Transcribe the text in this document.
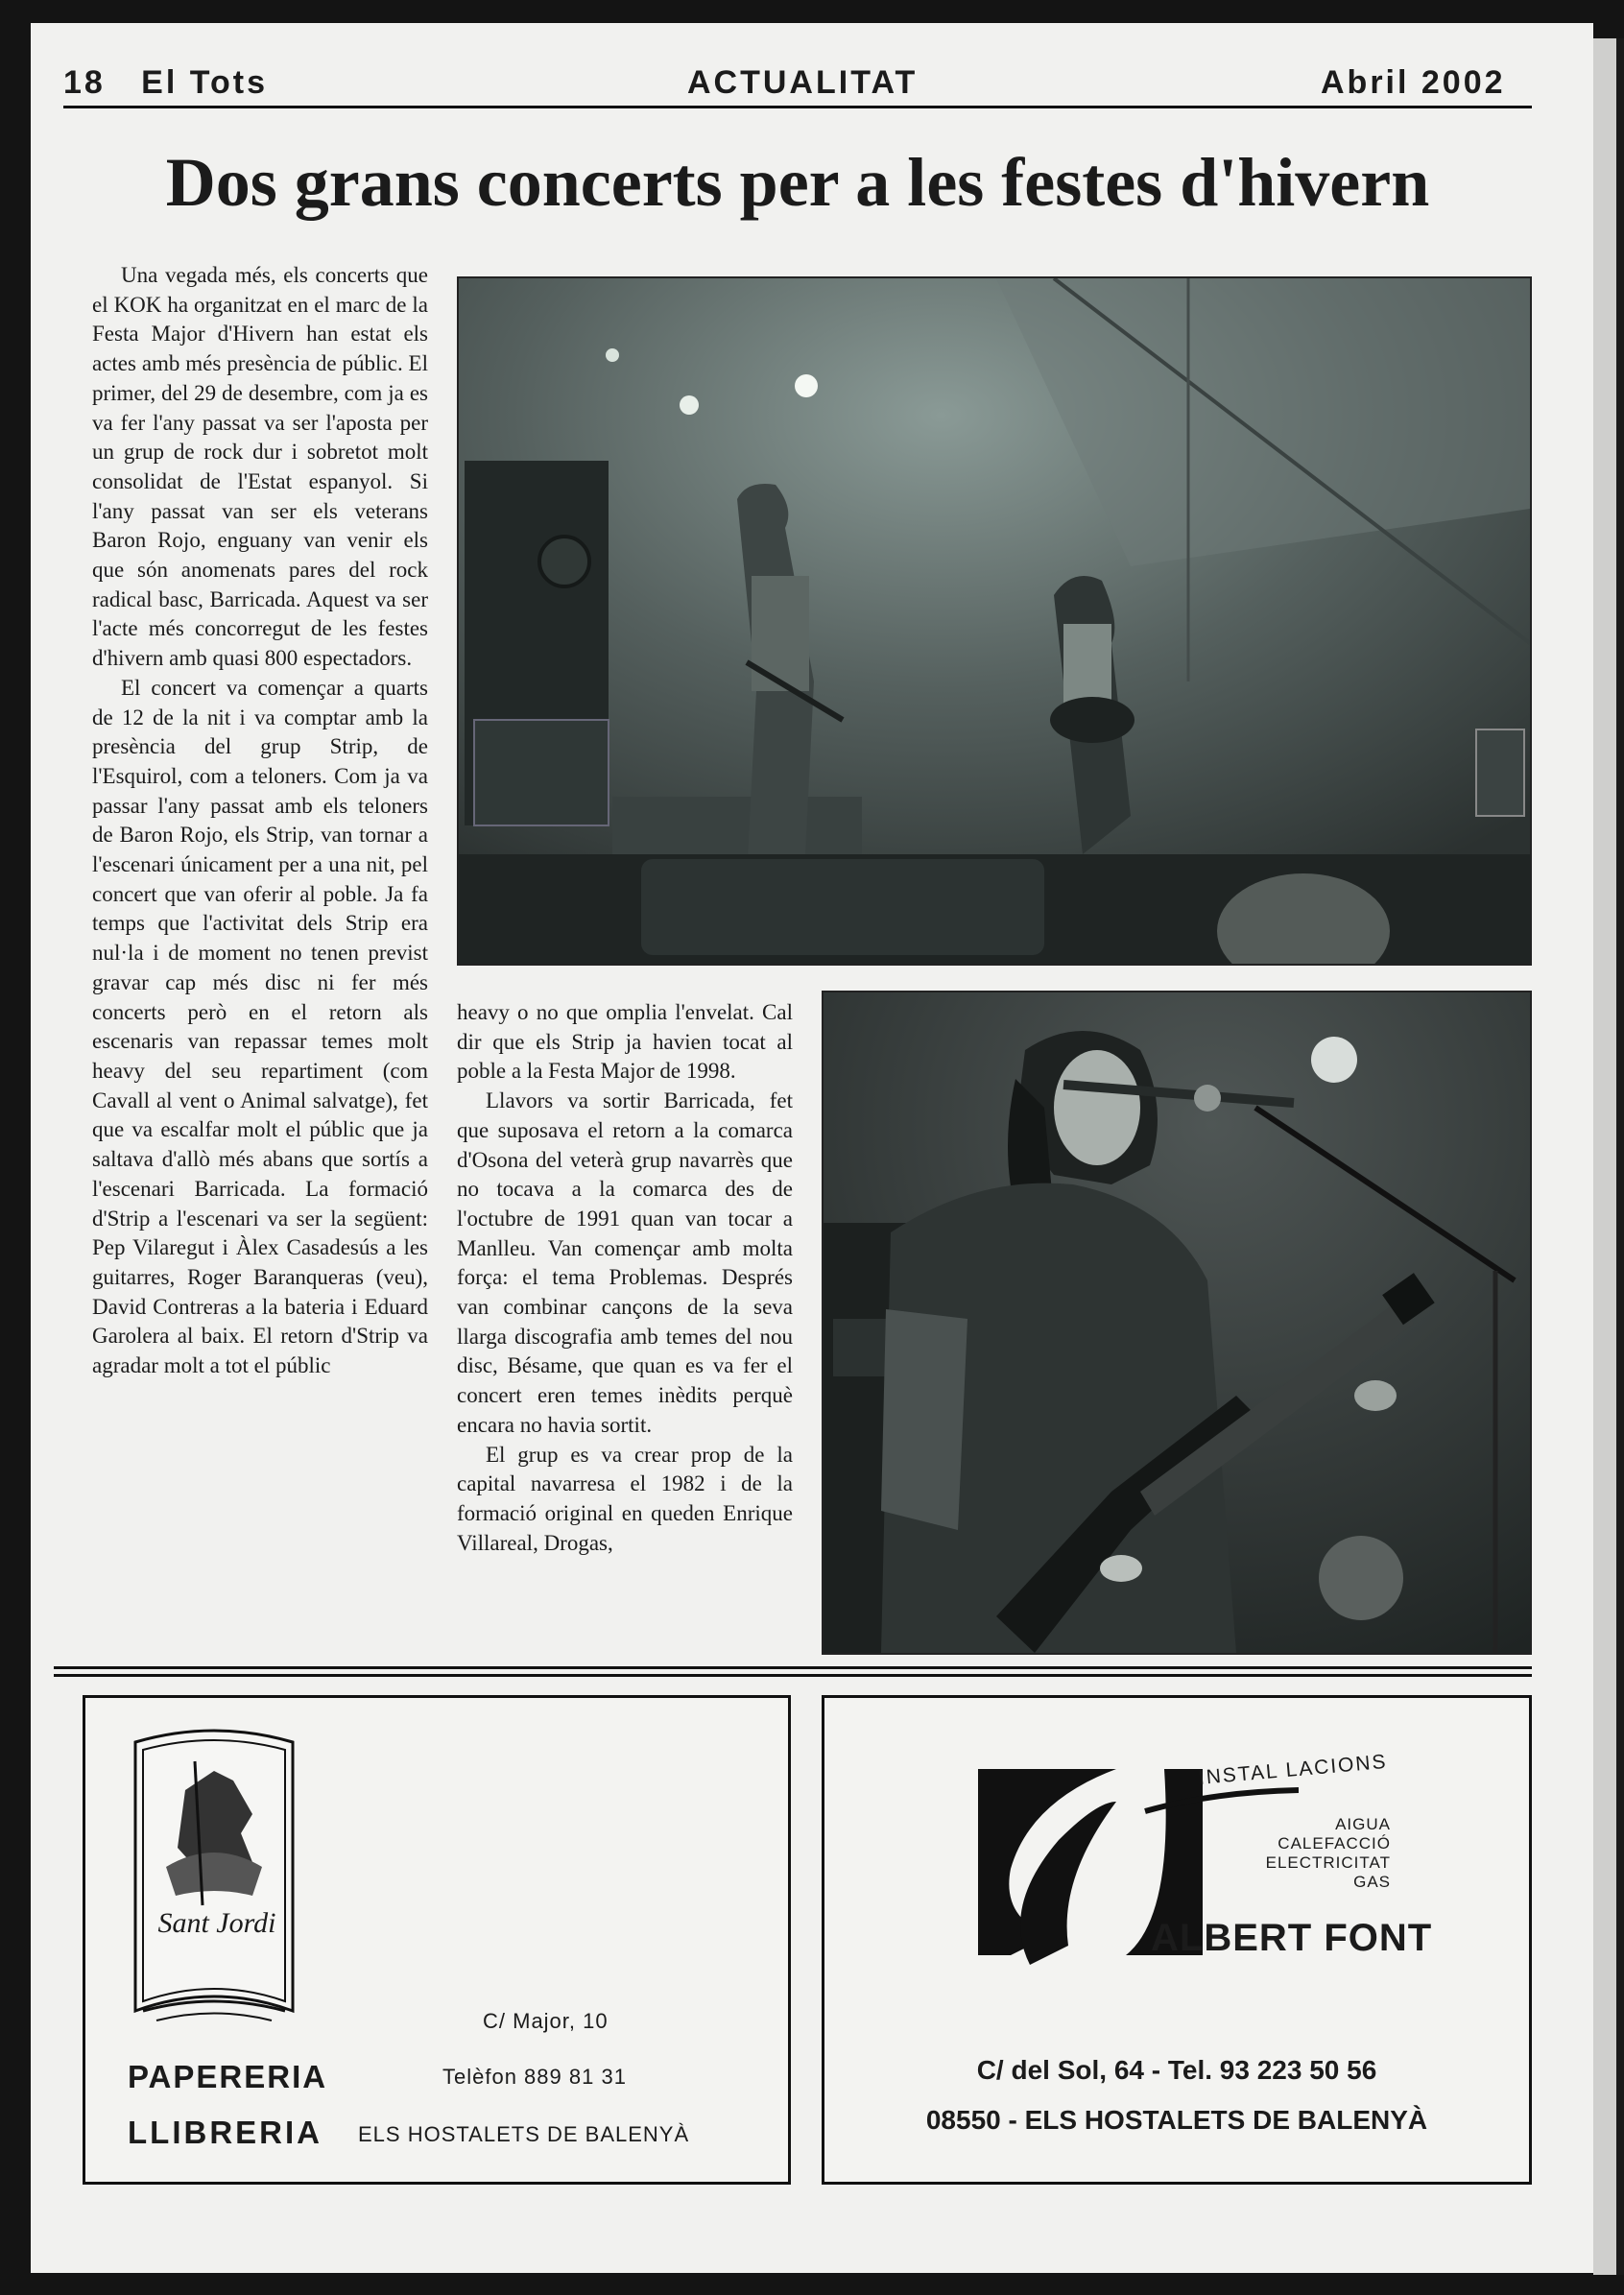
18 El Tots	ACTUALITAT	Abril 2002
Dos grans concerts per a les festes d'hivern

Una vegada més, els concerts que el KOK ha organitzat en el marc de la Festa Major d'Hivern han estat els actes amb més presència de públic. El primer, del 29 de desembre, com ja es va fer l'any passat va ser l'aposta per un grup de rock dur i sobretot molt consolidat de l'Estat espanyol. Si l'any passat van ser els veterans Baron Rojo, enguany van venir els que són anomenats pares del rock radical basc, Barricada. Aquest va ser l'acte més concorregut de les festes d'hivern amb quasi 800 espectadors.

El concert va començar a quarts de 12 de la nit i va comptar amb la presència del grup Strip, de l'Esquirol, com a teloners. Com ja va passar l'any passat amb els teloners de Baron Rojo, els Strip, van tornar a l'escenari únicament per a una nit, pel concert que van oferir al poble. Ja fa temps que l'activitat dels Strip era nul·la i de moment no tenen previst gravar cap més disc ni fer més concerts però en el retorn als escenaris van repassar temes molt heavy del seu repartiment (com Cavall al vent o Animal salvatge), fet que va escalfar molt el públic que ja saltava d'allò més abans que sortís a l'escenari Barricada. La formació d'Strip a l'escenari va ser la següent: Pep Vilaregut i Àlex Casadesús a les guitarres, Roger Baranqueras (veu), David Contreras a la bateria i Eduard Garolera al baix. El retorn d'Strip va agradar molt a tot el públic

heavy o no que omplia l'envelat. Cal dir que els Strip ja havien tocat al poble a la Festa Major de 1998.

Llavors va sortir Barricada, fet que suposava el retorn a la comarca d'Osona del veterà grup navarrès que no tocava a la comarca des de l'octubre de 1991 quan van tocar a Manlleu. Van començar amb molta força: el tema Problemas. Després van combinar cançons de la seva llarga discografia amb temes del nou disc, Bésame, que quan es va fer el concert eren temes inèdits perquè encara no havia sortit.

El grup es va crear prop de la capital navarresa el 1982 i de la formació original en queden Enrique Villareal, Drogas,

Sant Jordi
C/ Major, 10
Telèfon 889 81 31
PAPERERIA
LLIBRERIA ELS HOSTALETS DE BALENYÀ
INSTAL LACIONS
AIGUA
CALEFACCIÓ
ELECTRICITAT
GAS
ALBERT FONT
C/ del Sol, 64 - Tel. 93 223 50 56
08550 - ELS HOSTALETS DE BALENYÀ
